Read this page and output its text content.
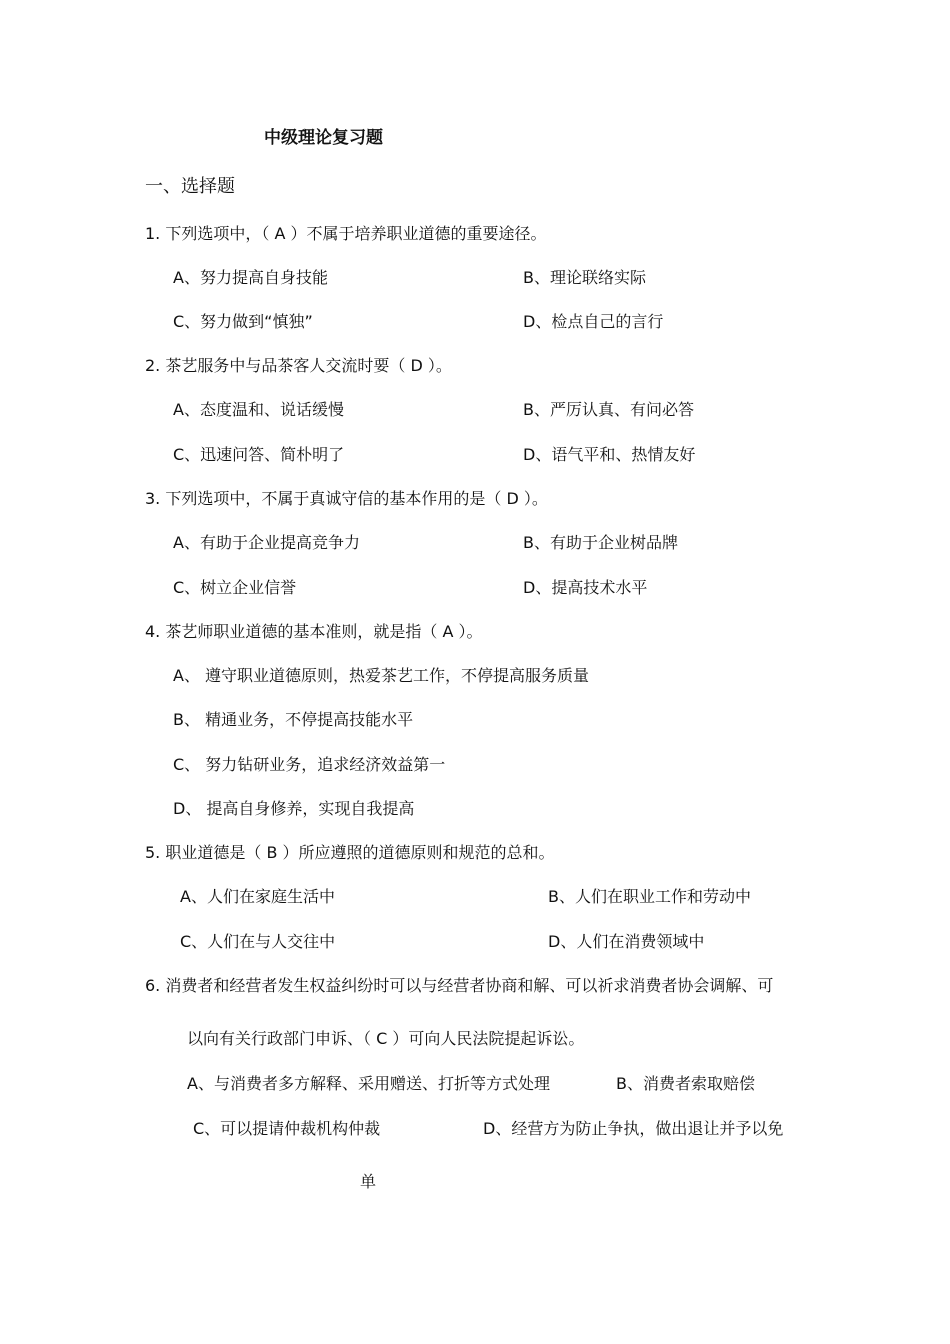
中级理论复习题
一、选择题
1. 下列选项中，（ A ）不属于培养职业道德的重要途径。
A、努力提高自身技能	B、理论联络实际
C、努力做到“慎独”	D、检点自己的言行
2. 茶艺服务中与品茶客人交流时要（ D ）。
A、态度温和、说话缓慢	B、严厉认真、有问必答
C、迅速问答、简朴明了	D、语气平和、热情友好
3. 下列选项中，不属于真诚守信的基本作用的是（ D ）。
A、有助于企业提高竞争力	B、有助于企业树品牌
C、树立企业信誉	D、提高技术水平
4. 茶艺师职业道德的基本准则，就是指（ A ）。
A、 遵守职业道德原则，热爱茶艺工作，不停提高服务质量
B、 精通业务，不停提高技能水平
C、 努力钻研业务，追求经济效益第一
D、 提高自身修养，实现自我提高
5. 职业道德是（ B ）所应遵照的道德原则和规范的总和。
A、人们在家庭生活中	B、人们在职业工作和劳动中
C、人们在与人交往中	D、人们在消费领域中
6. 消费者和经营者发生权益纠纷时可以与经营者协商和解、可以祈求消费者协会调解、可
以向有关行政部门申诉、（ C ）可向人民法院提起诉讼。
A、与消费者多方解释、采用赠送、打折等方式处理	B、消费者索取赔偿
C、可以提请仲裁机构仲裁	D、经营方为防止争执，做出退让并予以免
单
